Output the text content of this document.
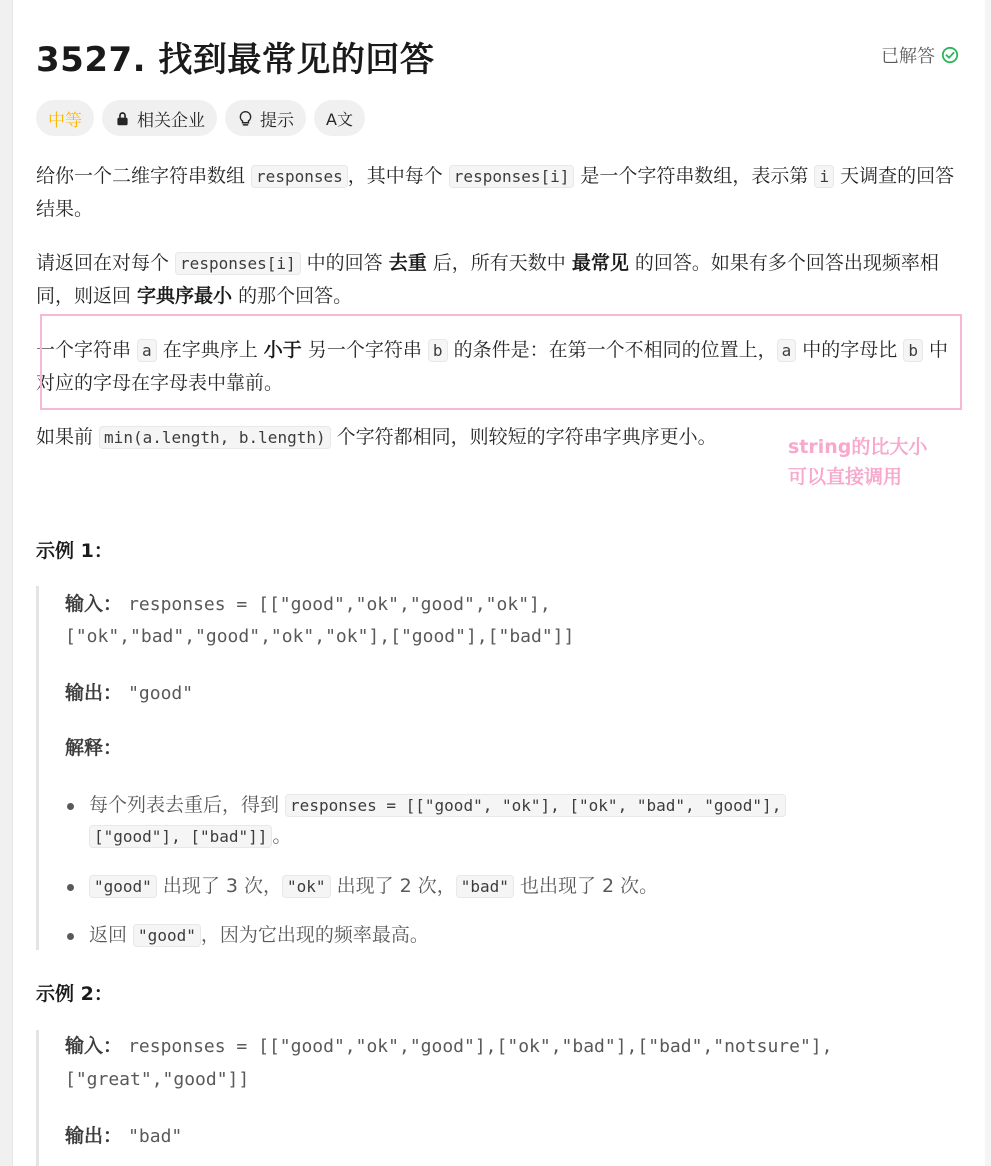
3527. 找到最常见的回答	已解答
中等	相关企业	提示 A文
给你一个二维字符串数组 responses ，其中每个 responses[i] 是一个字符串数组，表示第 i 天调查的回答结果。
请返回在对每个 responses[i] 中的回答 去重 后，所有天数中 最常见 的回答。如果有多个回答出现频率相同，则返回 字典序最小 的那个回答。
一个字符串 a 在字典序上 小于 另一个字符串 b 的条件是：在第一个不相同的位置上， a 中的字母比 b 中对应的字母在字母表中靠前。
如果前 min(a.length, b.length) 个字符都相同，则较短的字符串字典序更小。	string的比大小
可以直接调用
示例 1：
输入： responses = [["good","ok","good","ok"],
["ok","bad","good","ok","ok"],["good"],["bad"]]
输出： "good"
解释：
每个列表去重后，得到 responses = [["good", "ok"], ["ok", "bad", "good"],
["good"], ["bad"]] 。
"good" 出现了 3 次， "ok" 出现了 2 次， "bad" 也出现了 2 次。
返回 "good" ，因为它出现的频率最高。
示例 2：
输入： responses = [["good","ok","good"],["ok","bad"],["bad","notsure"],
["great","good"]]
输出： "bad"
